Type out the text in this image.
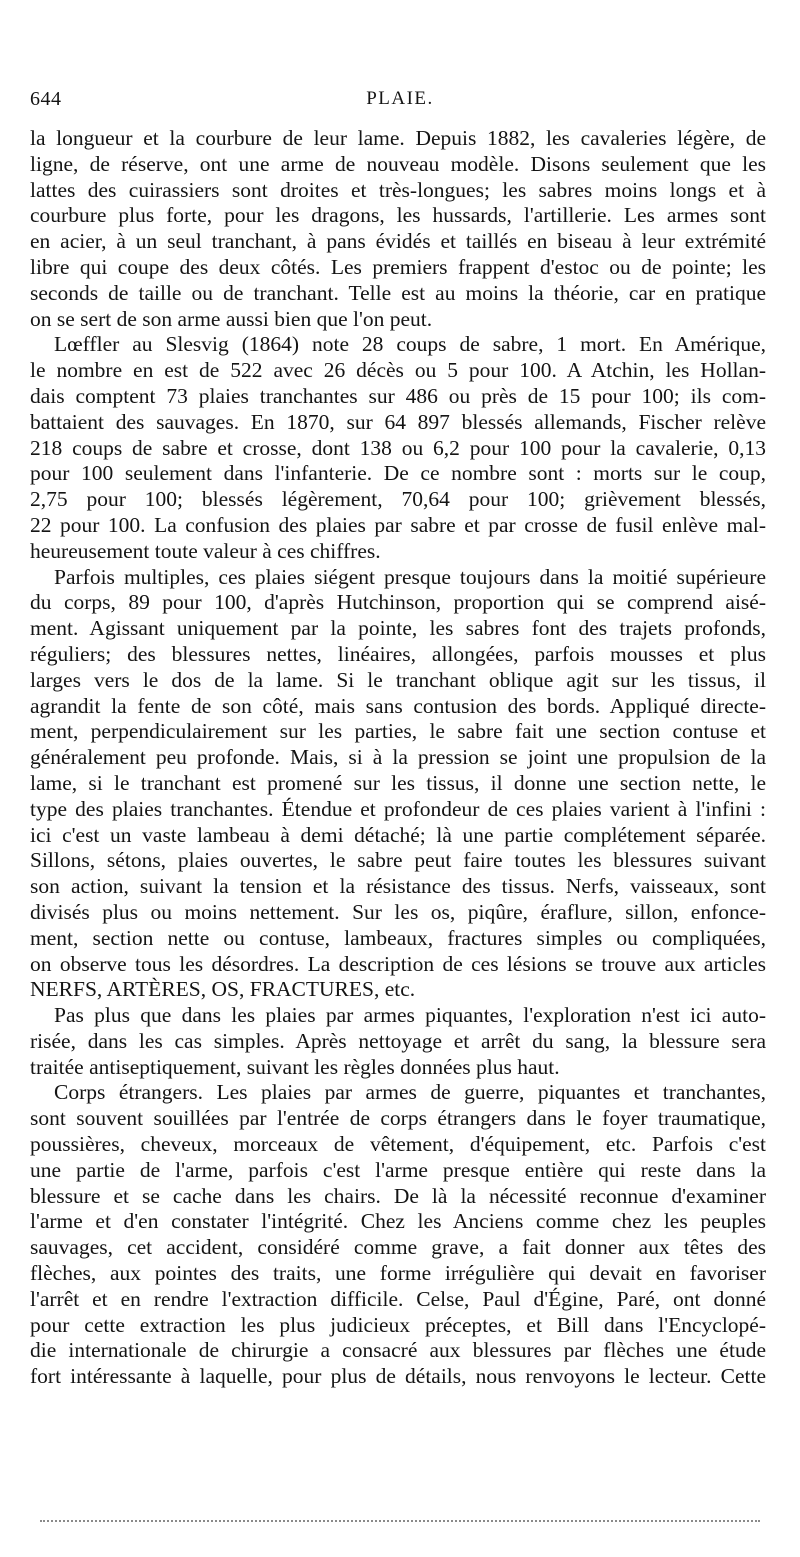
644	PLAIE.
la longueur et la courbure de leur lame. Depuis 1882, les cavaleries légère, de
ligne, de réserve, ont une arme de nouveau modèle. Disons seulement que les
lattes des cuirassiers sont droites et très-longues; les sabres moins longs et à
courbure plus forte, pour les dragons, les hussards, l'artillerie. Les armes sont
en acier, à un seul tranchant, à pans évidés et taillés en biseau à leur extrémité
libre qui coupe des deux côtés. Les premiers frappent d'estoc ou de pointe; les
seconds de taille ou de tranchant. Telle est au moins la théorie, car en pratique
on se sert de son arme aussi bien que l'on peut.
Lœffler au Slesvig (1864) note 28 coups de sabre, 1 mort. En Amérique,
le nombre en est de 522 avec 26 décès ou 5 pour 100. A Atchin, les Hollan-
dais comptent 73 plaies tranchantes sur 486 ou près de 15 pour 100; ils com-
battaient des sauvages. En 1870, sur 64 897 blessés allemands, Fischer relève
218 coups de sabre et crosse, dont 138 ou 6,2 pour 100 pour la cavalerie, 0,13
pour 100 seulement dans l'infanterie. De ce nombre sont : morts sur le coup,
2,75 pour 100; blessés légèrement, 70,64 pour 100; grièvement blessés,
22 pour 100. La confusion des plaies par sabre et par crosse de fusil enlève mal-
heureusement toute valeur à ces chiffres.
Parfois multiples, ces plaies siégent presque toujours dans la moitié supérieure
du corps, 89 pour 100, d'après Hutchinson, proportion qui se comprend aisé-
ment. Agissant uniquement par la pointe, les sabres font des trajets profonds,
réguliers; des blessures nettes, linéaires, allongées, parfois mousses et plus
larges vers le dos de la lame. Si le tranchant oblique agit sur les tissus, il
agrandit la fente de son côté, mais sans contusion des bords. Appliqué directe-
ment, perpendiculairement sur les parties, le sabre fait une section contuse et
généralement peu profonde. Mais, si à la pression se joint une propulsion de la
lame, si le tranchant est promené sur les tissus, il donne une section nette, le
type des plaies tranchantes. Étendue et profondeur de ces plaies varient à l'infini :
ici c'est un vaste lambeau à demi détaché; là une partie complétement séparée.
Sillons, sétons, plaies ouvertes, le sabre peut faire toutes les blessures suivant
son action, suivant la tension et la résistance des tissus. Nerfs, vaisseaux, sont
divisés plus ou moins nettement. Sur les os, piqûre, éraflure, sillon, enfonce-
ment, section nette ou contuse, lambeaux, fractures simples ou compliquées,
on observe tous les désordres. La description de ces lésions se trouve aux articles
NERFS, ARTÈRES, OS, FRACTURES, etc.
Pas plus que dans les plaies par armes piquantes, l'exploration n'est ici auto-
risée, dans les cas simples. Après nettoyage et arrêt du sang, la blessure sera
traitée antiseptiquement, suivant les règles données plus haut.
Corps étrangers. Les plaies par armes de guerre, piquantes et tranchantes,
sont souvent souillées par l'entrée de corps étrangers dans le foyer traumatique,
poussières, cheveux, morceaux de vêtement, d'équipement, etc. Parfois c'est
une partie de l'arme, parfois c'est l'arme presque entière qui reste dans la
blessure et se cache dans les chairs. De là la nécessité reconnue d'examiner
l'arme et d'en constater l'intégrité. Chez les Anciens comme chez les peuples
sauvages, cet accident, considéré comme grave, a fait donner aux têtes des
flèches, aux pointes des traits, une forme irrégulière qui devait en favoriser
l'arrêt et en rendre l'extraction difficile. Celse, Paul d'Égine, Paré, ont donné
pour cette extraction les plus judicieux préceptes, et Bill dans l'Encyclopé-
die internationale de chirurgie a consacré aux blessures par flèches une étude
fort intéressante à laquelle, pour plus de détails, nous renvoyons le lecteur. Cette
